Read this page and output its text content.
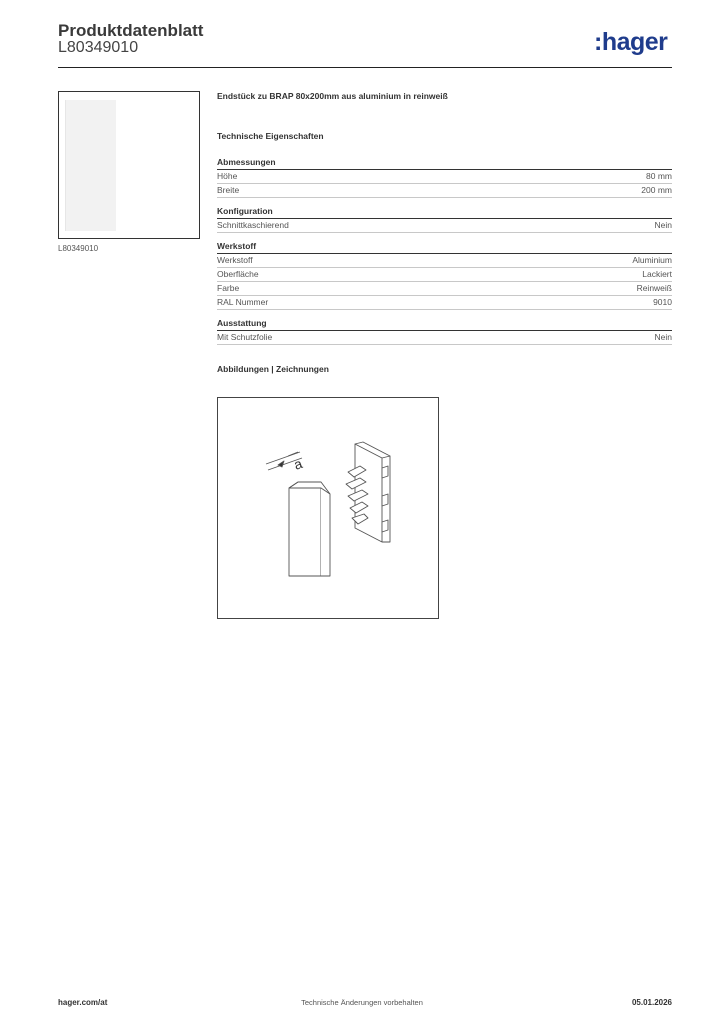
Produktdatenblatt
L80349010	:hager
L80349010
Endstück zu BRAP 80x200mm aus aluminium in reinweiß
Technische Eigenschaften
Abmessungen
Höhe	80 mm
Breite	200 mm
Konfiguration
Schnittkaschierend	Nein
Werkstoff
Werkstoff	Aluminium
Oberfläche	Lackiert
Farbe	Reinweiß
RAL Nummer	9010
Ausstattung
Mit Schutzfolie	Nein
Abbildungen | Zeichnungen
a
hager.com/at	Technische Änderungen vorbehalten	05.01.2026
